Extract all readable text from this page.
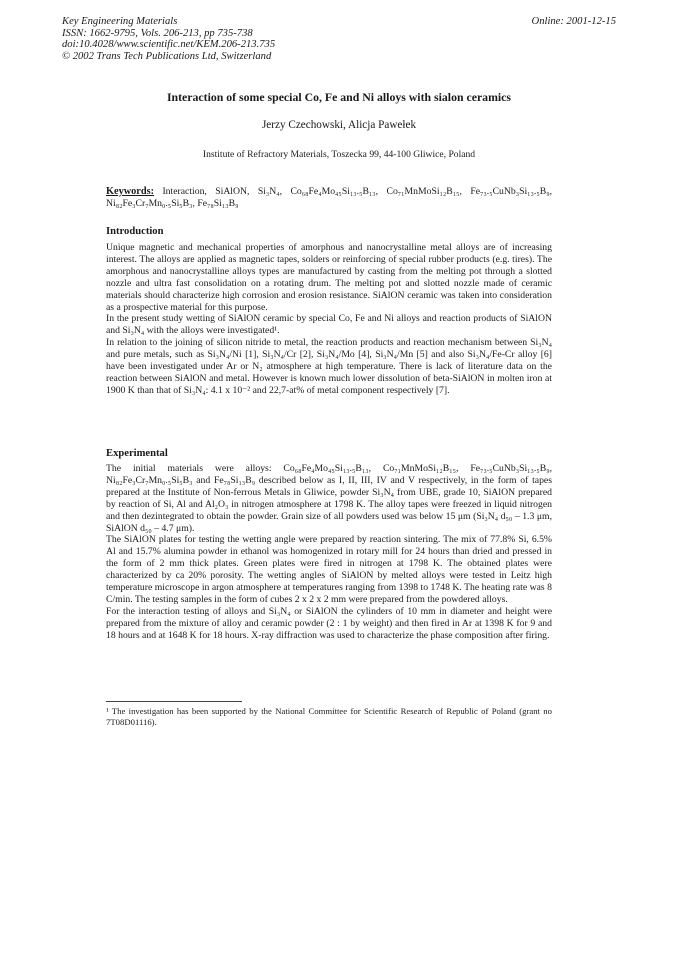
Key Engineering Materials
ISSN: 1662-9795, Vols. 206-213, pp 735-738
doi:10.4028/www.scientific.net/KEM.206-213.735
© 2002 Trans Tech Publications Ltd, Switzerland
Online: 2001-12-15
Interaction of some special Co, Fe and Ni alloys with sialon ceramics
Jerzy Czechowski, Alicja Pawełek
Institute of Refractory Materials, Toszecka 99, 44-100 Gliwice, Poland
Keywords: Interaction, SiAlON, Si₃N₄, Co₆₈Fe₄Mo₄₅Si₁₃.₅B₁₃, Co₇₁MnMoSi₁₂B₁₅, Fe₇₃.₅CuNb₃Si₁₃.₅B₉, Ni₈₂Fe₃Cr₇Mn₀.₅Si₅B₃, Fe₇₈Si₁₃B₉
Introduction

Unique magnetic and mechanical properties of amorphous and nanocrystalline metal alloys are of increasing interest. The alloys are applied as magnetic tapes, solders or reinforcing of special rubber products (e.g. tires). The amorphous and nanocrystalline alloys types are manufactured by casting from the melting pot through a slotted nozzle and ultra fast consolidation on a rotating drum. The melting pot and slotted nozzle made of ceramic materials should characterize high corrosion and erosion resistance. SiAlON ceramic was taken into consideration as a prospective material for this purpose.

In the present study wetting of SiAlON ceramic by special Co, Fe and Ni alloys and reaction products of SiAlON and Si₃N₄ with the alloys were investigated¹.

In relation to the joining of silicon nitride to metal, the reaction products and reaction mechanism between Si₃N₄ and pure metals, such as Si₃N₄/Ni [1], Si₃N₄/Cr [2], Si₃N₄/Mo [4], Si₃N₄/Mn [5] and also Si₃N₄/Fe-Cr alloy [6] have been investigated under Ar or N₂ atmosphere at high temperature. There is lack of literature data on the reaction between SiAlON and metal. However is known much lower dissolution of beta-SiAlON in molten iron at 1900 K than that of Si₃N₄: 4.1 x 10⁻² and 22,7-at% of metal component respectively [7].

Experimental

The initial materials were alloys: Co₆₈Fe₄Mo₄₅Si₁₃.₅B₁₃, Co₇₁MnMoSi₁₂B₁₅, Fe₇₃.₅CuNb₃Si₁₃.₅B₉, Ni₈₂Fe₃Cr₇Mn₀.₅Si₅B₃ and Fe₇₈Si₁₃B₉ described below as I, II, III, IV and V respectively, in the form of tapes prepared at the Institute of Non-ferrous Metals in Gliwice, powder Si₃N₄ from UBE, grade 10, SiAlON prepared by reaction of Si, Al and Al₂O₃ in nitrogen atmosphere at 1798 K. The alloy tapes were freezed in liquid nitrogen and then dezintegrated to obtain the powder. Grain size of all powders used was below 15 μm (Si₃N₄ d₅₀ – 1.3 μm, SiAlON d₅₀ – 4.7 μm).

The SiAlON plates for testing the wetting angle were prepared by reaction sintering. The mix of 77.8% Si, 6.5% Al and 15.7% alumina powder in ethanol was homogenized in rotary mill for 24 hours than dried and pressed in the form of 2 mm thick plates. Green plates were fired in nitrogen at 1798 K. The obtained plates were characterized by ca 20% porosity. The wetting angles of SiAlON by melted alloys were tested in Leitz high temperature microscope in argon atmosphere at temperatures ranging from 1398 to 1748 K. The heating rate was 8 C/min. The testing samples in the form of cubes 2 x 2 x 2 mm were prepared from the powdered alloys.

For the interaction testing of alloys and Si₃N₄ or SiAlON the cylinders of 10 mm in diameter and height were prepared from the mixture of alloy and ceramic powder (2 : 1 by weight) and then fired in Ar at 1398 K for 9 and 18 hours and at 1648 K for 18 hours. X-ray diffraction was used to characterize the phase composition after firing.

¹ The investigation has been supported by the National Committee for Scientific Research of Republic of Poland (grant no 7T08D01116).
